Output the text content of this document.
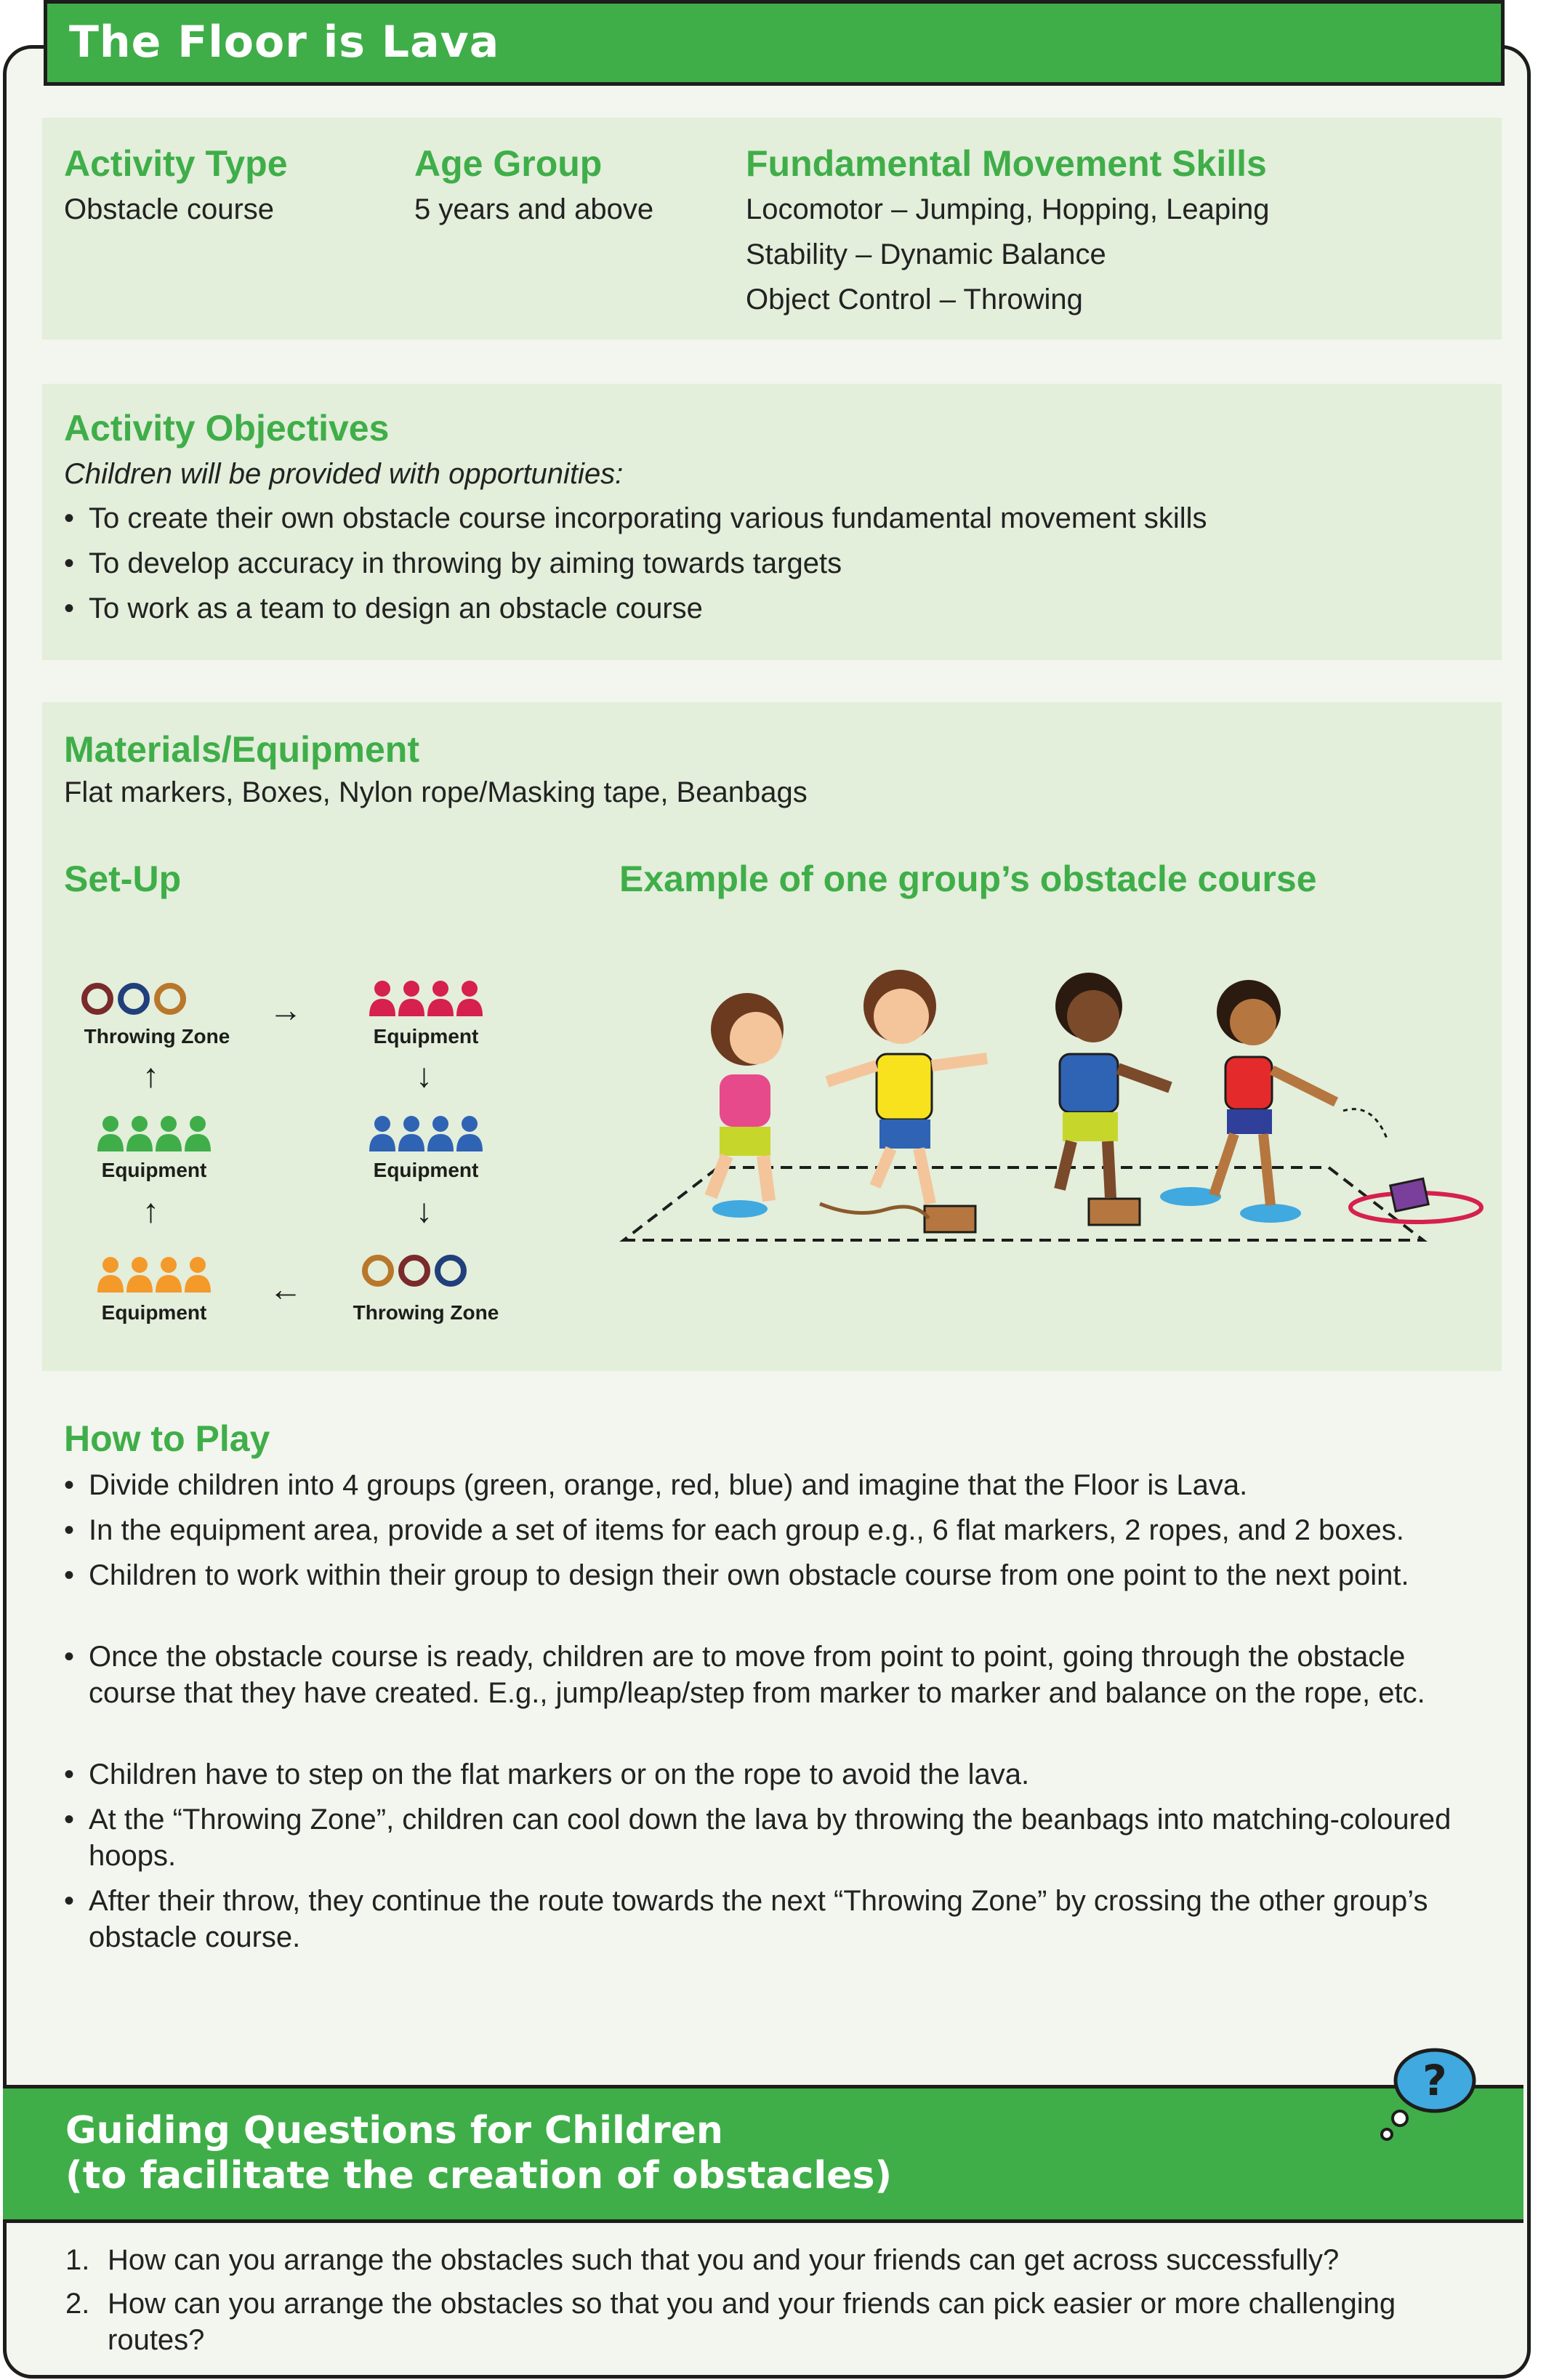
The Floor is Lava
Activity Type
Obstacle course
Age Group
5 years and above
Fundamental Movement Skills
Locomotor – Jumping, Hopping, Leaping
Stability – Dynamic Balance
Object Control – Throwing
Activity Objectives
Children will be provided with opportunities:
• To create their own obstacle course incorporating various fundamental movement skills
• To develop accuracy in throwing by aiming towards targets
• To work as a team to design an obstacle course
Materials/Equipment
Flat markers, Boxes, Nylon rope/Masking tape, Beanbags
Set-Up	Example of one group’s obstacle course
Throwing Zone
→
Equipment
↑	↓
Equipment	Equipment
↑	↓
Equipment
←
Throwing Zone
How to Play
• Divide children into 4 groups (green, orange, red, blue) and imagine that the Floor is Lava.
• In the equipment area, provide a set of items for each group e.g., 6 flat markers, 2 ropes, and 2 boxes.
• Children to work within their group to design their own obstacle course from one point to the next point.
• Once the obstacle course is ready, children are to move from point to point, going through the obstacle course that they have created. E.g., jump/leap/step from marker to marker and balance on the rope, etc.
• Children have to step on the flat markers or on the rope to avoid the lava.
• At the “Throwing Zone”, children can cool down the lava by throwing the beanbags into matching-coloured hoops.
• After their throw, they continue the route towards the next “Throwing Zone” by crossing the other group’s obstacle course.
Guiding Questions for Children
(to facilitate the creation of obstacles)
?
1. How can you arrange the obstacles such that you and your friends can get across successfully?
2. How can you arrange the obstacles so that you and your friends can pick easier or more challenging routes?
